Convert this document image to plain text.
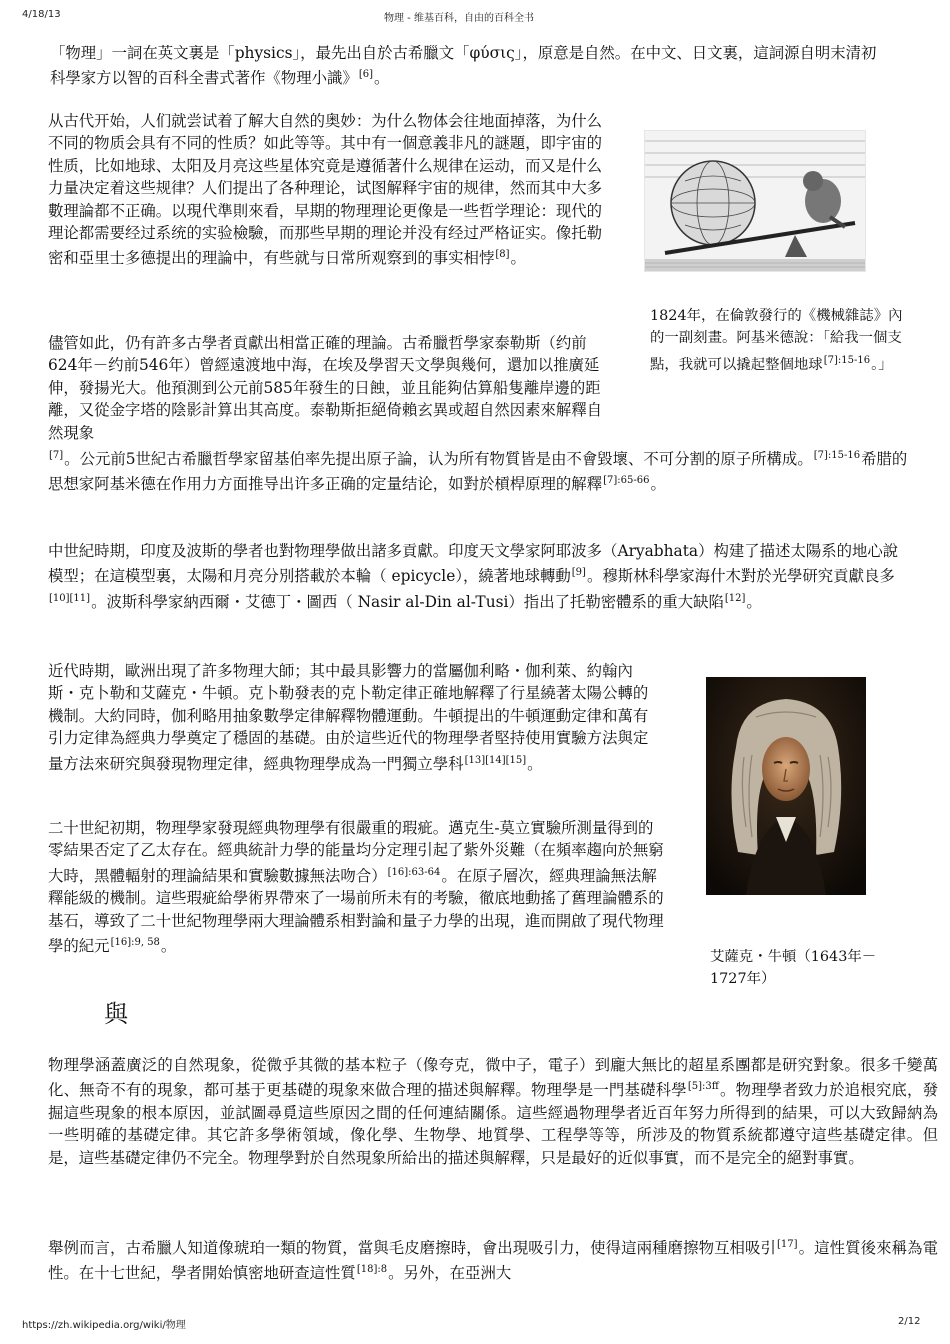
4/18/13	物理 - 维基百科，自由的百科全书
https://zh.wikipedia.org/wiki/物理	2/12

「物理」一詞在英文裏是「physics」，最先出自於古希臘文「φύσις」，原意是自然。在中文、日文裏，這詞源自明末清初科學家方以智的百科全書式著作《物理小識》[6]。

从古代开始，人们就尝试着了解大自然的奥妙：为什么物体会往地面掉落，为什么不同的物质会具有不同的性质？如此等等。其中有一個意義非凡的謎題，即宇宙的性质，比如地球、太阳及月亮这些星体究竟是遵循著什么规律在运动，而又是什么力量决定着这些规律？人们提出了各种理论，试图解释宇宙的规律，然而其中大多數理論都不正确。以現代準則來看，早期的物理理论更像是一些哲学理论：现代的理论都需要经过系统的实验檢驗，而那些早期的理论并没有经过严格证实。像托勒密和亞里士多德提出的理論中，有些就与日常所观察到的事实相悖[8]。

1824年，在倫敦發行的《機械雜誌》內的一副刻畫。阿基米德說：「給我一個支點，我就可以撬起整個地球$^{[7]:15-16}$。」

儘管如此，仍有許多古學者貢獻出相當正確的理論。古希臘哲學家泰勒斯（约前624年－约前546年）曾經遠渡地中海，在埃及學習天文學與幾何，還加以推廣延伸，發揚光大。他預測到公元前585年發生的日蝕，並且能夠估算船隻離岸邊的距離，又從金字塔的陰影計算出其高度。泰勒斯拒絕倚賴玄異或超自然因素來解釋自然現象

[7]。公元前5世紀古希臘哲學家留基伯率先提出原子論，认为所有物質皆是由不會毀壞、不可分割的原子所構成。$^{[7]:15-16}$希腊的思想家阿基米德在作用力方面推导出许多正确的定量结论，如對於槓桿原理的解釋$^{[7]:65-66}$。

中世紀時期，印度及波斯的學者也對物理學做出諸多貢獻。印度天文學家阿耶波多（Aryabhata）构建了描述太陽系的地心說模型；在這模型裏，太陽和月亮分別搭載於本輪（ epicycle），繞著地球轉動[9]。穆斯林科學家海什木對於光學研究貢獻良多[10][11]。波斯科學家納西爾・艾德丁・圖西（ Nasir al-Din al-Tusi）指出了托勒密體系的重大缺陷[12]。

近代時期，歐洲出現了許多物理大師；其中最具影響力的當屬伽利略・伽利萊、約翰內斯・克卜勒和艾薩克・牛頓。克卜勒發表的克卜勒定律正確地解釋了行星繞著太陽公轉的機制。大約同時，伽利略用抽象數學定律解釋物體運動。牛頓提出的牛頓運動定律和萬有引力定律為經典力學奠定了穩固的基礎。由於這些近代的物理學者堅持使用實驗方法與定量方法來研究與發現物理定律，經典物理學成為一門獨立學科[13][14][15]。

二十世紀初期，物理學家發現經典物理學有很嚴重的瑕疵。邁克生-莫立實驗所測量得到的零結果否定了乙太存在。經典統計力學的能量均分定理引起了紫外災難（在頻率趨向於無窮大時，黑體輻射的理論結果和實驗數據無法吻合）$^{[16]:63-64}$。在原子層次，經典理論無法解釋能級的機制。這些瑕疵給學術界帶來了一場前所未有的考驗，徹底地動搖了舊理論體系的基石，導致了二十世紀物理學兩大理論體系相對論和量子力學的出現，進而開啟了現代物理學的紀元$^{[16]:9, 58}$。

艾薩克・牛頓（1643年－1727年）

與

物理學涵蓋廣泛的自然現象，從微乎其微的基本粒子（像夸克，微中子，電子）到龐大無比的超星系團都是研究對象。很多千變萬化、無奇不有的現象，都可基于更基礎的現象來做合理的描述與解釋。物理學是一門基礎科學$^{[5]:3ff}$。物理學者致力於追根究底，發掘這些現象的根本原因，並試圖尋覓這些原因之間的任何連結關係。這些經過物理學者近百年努力所得到的結果，可以大致歸納為一些明確的基礎定律。其它許多學術領域，像化學、生物學、地質學、工程學等等，所涉及的物質系統都遵守這些基礎定律。但是，這些基礎定律仍不完全。物理學對於自然現象所給出的描述與解釋，只是最好的近似事實，而不是完全的絕對事實。

舉例而言，古希臘人知道像琥珀一類的物質，當與毛皮磨擦時，會出現吸引力，使得這兩種磨擦物互相吸引[17]。這性質後來稱為電性。在十七世紀，學者開始慎密地研查這性質$^{[18]:8}$。另外，在亞洲大
